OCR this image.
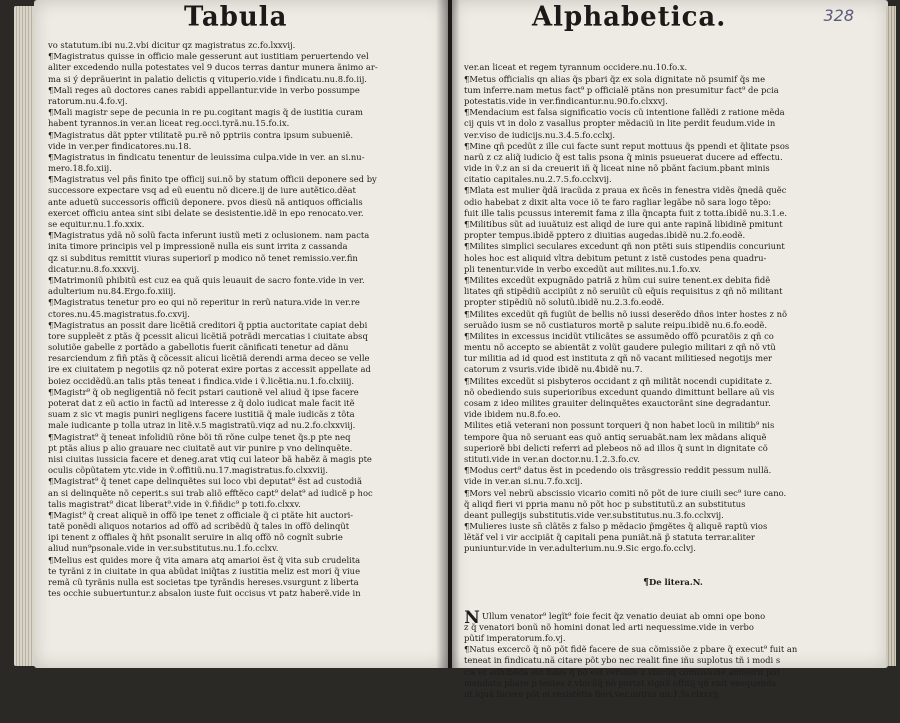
Tabula
vo statutum.ibi nu.2.vbi dicitur qz magistratus zc.fo.lxxvij.
¶Magistratus quisse in officio male gesserunt aut iustitiam peruertendo vel
aliter excedendo nulla potestates vel 9 ducos terras dantur munera ãnimo ar-
ma si ý deprãuerint in palatio delictis q vituperio.vide i findicatu.nu.8.fo.iij.
¶Mali reges aũ doctores canes rabidi appellantur.vide in verbo possumpe
ratorum.nu.4.fo.vj.
¶Mali magistr sepe de pecunia in re pu.cogitant magis q̃ de iustitia curam
habent tyrannos.in ver.an liceat reg.occi.tyrã.nu.15.fo.ix.
¶Magistratus dãt ppter vtilitatẽ pu.rẽ nõ pptriis contra ipsum subueniẽ.
vide in ver.per findicatores.nu.18.
¶Magistratus in findicatu tenentur de leuissima culpa.vide in ver. an si.nu-
mero.18.fo.xiij.
¶Magistratus vel pñs finito tpe officij sui.nõ by statum officii deponere sed by
successore expectare vsq ad eũ euentu nõ dicere.ij de iure autẽtico.dẽat
ante aduetũ successoris officiũ deponere. pvos diesũ nã antiquos officialis
exercet officiu antea sint sibi delate se desistentie.idẽ in epo renocato.ver.
se equitur.nu.1.fo.xxix.
¶Magistratus ydã nõ solũ facta inferunt iustũ meti z oclusionem. nam pacta
inita timore principis vel p impressionẽ nulla eis sunt irrita z cassanda
qz si subditus remittit viuras superiorĩ p modico nõ tenet remissio.ver.fin
dicatur.nu.8.fo.xxxvij.
¶Matrimoniũ phibitũ est cuz ea quã quis leuauit de sacro fonte.vide in ver.
adulterium nu.84.Ergo.fo.xiiij.
¶Magistratus tenetur pro eo qui nõ reperitur in rerũ natura.vide in ver.re
ctores.nu.45.magistratus.fo.cxvij.
¶Magistratus an possit dare licẽtiã creditori q̃ pptia auctoritate capiat debi
tore suppleẽt z ptãs q̃ pcessit alicui licẽtiã potrãdi mercatias i ciuitate absq
solutiõe gabelle z portãdo a gabellotis fuerit cãnificati tenetur ad dãnu
resarciendum z fiñ ptãs q̃ cõcessit alicui licẽtiã derendi arma deceo se velle
ire ex ciuitatem p negotiis qz nõ poterat exire portas z accessit appellate ad
boiez occidẽdũ.an talis ptãs teneat i findica.vide i ṽ.licẽtia.nu.1.fo.clxiiij.
¶Magistr⁹ q̃ ob negligentiã nõ fecit pstari cautionẽ vel aliud q̃ ipse facere
poterat dat z eũ actio in factũ ad interesse z q̃ dolo iudicat male facit itẽ
suam z sic vt magis puniri negligens facere iustitiã q̃ male iudicãs z tõta
male iudicante p tolla utraz in litẽ.v.5 magistratũ.viqz ad nu.2.fo.clxxviij.
¶Magistrat⁹ q̃ teneat infolidiũ rõne bõi tñ rõne culpe tenet q̃s.p pte neq
pt ptãs alius p alio grauare nec ciuitatẽ aut vir punire p vno delinquẽte.
nisi ciuitas iussicia facere et deneg.arat vtiq cui lateor bã habẽz ã magis pte
oculis cõpũtatem ytc.vide in ṽ.offitiũ.nu.17.magistratus.fo.clxxviij.
¶Magistrat⁹ q̃ tenet cape delinquẽtes sui loco vbi deputat⁹ ẽst ad custodiã
an si delinquẽte nõ ceperit.s sui trab aliõ efftẽco capt⁹ delat⁹ ad iudicẽ p hoc
talis magistrat⁹ dicat liberat⁹.vide in ṽ.fiñdic⁹ p toti.fo.clxxv.
¶Magist⁹ q̃ creat aliquẽ in offõ ipe tenet z officiale q̃ ci ptãte hit auctori-
tatẽ ponẽdi aliquos notarios ad offõ ad scribẽdũ q̃ tales in offõ delinqũt
ipi tenent z offiales q̃ hñt psonalit seruire in aliq offõ nõ cognĩt subrie
aliud nun⁹psonale.vide in ver.substitutus.nu.1.fo.cclxv.
¶Melius est quides more q̃ vita amara atq amarioi ẽst q̃ vita sub crudelita
te tyrãni z in ciuitate in qua abũdat iniq̃tas z iustitia meliz est mori q̃ viue
remã cũ tyrãnis nulla est societas tpe tyrãndis hereses.vsurgunt z liberta
tes occhie subuertuntur.z absalon iuste fuit occisus vt patz haberẽ.vide in
Alphabetica.	328

ver.an liceat et regem tyrannum occidere.nu.10.fo.x.
¶Metus officialis qn alias q̃s pbari q̃z ex sola dignitate nõ psumif q̃s me
tum inferre.nam metus fact⁹ p officialẽ ptãns non presumitur fact⁹ de pcia
potestatis.vide in ver.findicantur.nu.90.fo.clxxvj.
¶Mendacium est falsa significatio vocis cũ intentione fallẽdi z ratione mẽda
cij quis vt in dolo z vasallus propter mẽdaciũ in lite perdit feudum.vide in
ver.viso de iudicijs.nu.3.4.5.fo.cclxj.
¶Mine qñ pcedũt z ille cui facte sunt reput mottuus q̃s ppendi et q̃litate psos
narũ z cz aliq̃ iudicio q̃ est talis psona q̃ minis psueuerat ducere ad effectu.
vide in ṽ.z an si da creuerit iñ q̃ liceat nine nõ pbãnt facium.pbant minis
citatio capitales.nu.2.7.5.fo.cclxvij.
¶Mlata est mulier q̃dã iracũda z praua ex ñcẽs in fenestra vidẽs q̃nedã quẽc
odio habebat z dixit alta voce iõ te faro ragliar legãbe nõ sara logo tẽpo:
fuit ille talis pcussus interemit fama z illa q̃ncapta fuit z totta.ibidẽ nu.3.1.e.
¶Militibus sũt ad iuuãtuiz est aliqd de iure qui ante rapinã libidinẽ pmitunt
propter tempus.ibidẽ pptero z diuitias augedas.ibidẽ nu.2.fo.eodẽ.
¶Milites simplici seculares excedunt qñ non ptẽti suis stipendiis concuriunt
holes hoc est aliquid vltra debitum petunt z istẽ custodes pena quadru-
pli tenentur.vide in verbo excedũt aut milites.nu.1.fo.xv.
¶Milites excedũt expugnãdo patriã z hũm cui suire tenent.ex debita fidẽ
litates qñ stipẽdiũ accipiũt z nõ seruiũt cũ eq̃uis requisitus z qñ nõ militant
propter stipẽdiũ nõ solutũ.ibidẽ nu.2.3.fo.eodẽ.
¶Milites excedũt qñ fugiũt de bellis nõ iussi deserẽdo dños inter hostes z nõ
seruãdo iusm se nõ custiaturos mortẽ p salute reipu.ibidẽ nu.6.fo.eodẽ.
¶Milites in excessus incidũt vtilicãtes se assumẽdo offõ pcuratõis z qñ co
mentu nõ accepto se abientãt z volũt gaudere pulegio militari z qñ nõ vtũ
tur militia ad id quod est instituta z qñ nõ vacant militiesed negotijs mer
catorum z vsuris.vide ibidẽ nu.4bidẽ nu.7.
¶Milites excedũt si pisbyteros occidant z qñ militãt nocendi cupiditate z.
nõ obediendo suis superioribus excedunt quando dimittunt bellare aũ vis
cosam z ideo milites grauiter delinquẽtes exauctorãnt sine degradantur.
vide ibidem nu.8.fo.eo.
Milites etiã veterani non possunt torqueri q̃ non habet locũ in militib⁹ nis
tempore q̃ua nõ seruant eas quõ antiq seruabãt.nam lex mãdans aliquẽ
superiorẽ bbi delicti referri ad plebeos nõ ad illos q̃ sunt in dignitate cõ
stituti.vide in ver.an doctor.nu.1.2.3.fo.cv.
¶Modus cert⁹ datus ẽst in pcedendo ois trãsgressio reddit pessum nullã.
vide in ver.an si.nu.7.fo.xcij.
¶Mors vel nebrũ abscissio vicario comiti nõ põt de iure ciuili sec⁹ iure cano.
q̃ aliqd fieri vi ppria manu nõ põt hoc p substitutũ.z an substitutus
deant pullegijs substitutis.vide ver.substitutus.nu.3.fo.cclxvij.
¶Mulieres iuste sn̄ clãtẽs z falso p mẽdacio p̃mgẽtes q̃ aliquẽ raptũ vios
lẽtãf vel i vir accipiãt q̃ capitali pena puniãt.nã p̃ statuta terrar.aliter
puniuntur.vide in ver.adulterium.nu.9.Sic ergo.fo.cclvj.

¶De litera.N.

N Ullum venator⁹ legĩt⁹ foie fecit q̃z venatio deuiat ab omni ope bono
z q̃ venatori bonũ nõ homini donat led arti nequessime.vide in verbo
pũtif imperatorum.fo.vj.
¶Natus excercõ q̃ nõ põt fidẽ facere de sua cõmissiõe z pbare q̃ execut⁹ fuit an
teneat in findicatu.nã citare põt ybo nec realit fine iñu suplotus tñ i modi s
cis et adhibẽda est fides q̃ nõ est versisle z vbicũq̃ cõmissionẽ amiserit põt
mandatu pbare p testes z vbicũq̃ nõ portat signũ offitij qñ vult exequenda
ut iquã facere põt ei resistẽtia fieri.ver.nutius nu.1.fo.clxxvij.
